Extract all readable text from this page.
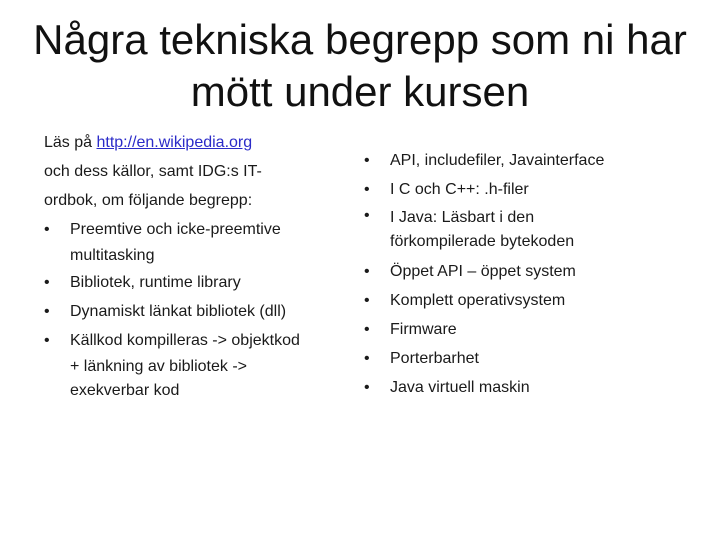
Några tekniska begrepp som ni har
mött under kursen

Läs på http://en.wikipedia.org
och dess källor, samt IDG:s IT-
ordbok, om följande begrepp:

• Preemtive och icke-preemtive
multitasking
• Bibliotek, runtime library
• Dynamiskt länkat bibliotek (dll)
• Källkod kompilleras -> objektkod
+ länkning av bibliotek ->
exekverbar kod
• API, includefiler, Javainterface
• I C och C++: .h-filer
• I Java: Läsbart i den
förkompilerade bytekoden
• Öppet API – öppet system
• Komplett operativsystem
• Firmware
• Porterbarhet
• Java virtuell maskin
